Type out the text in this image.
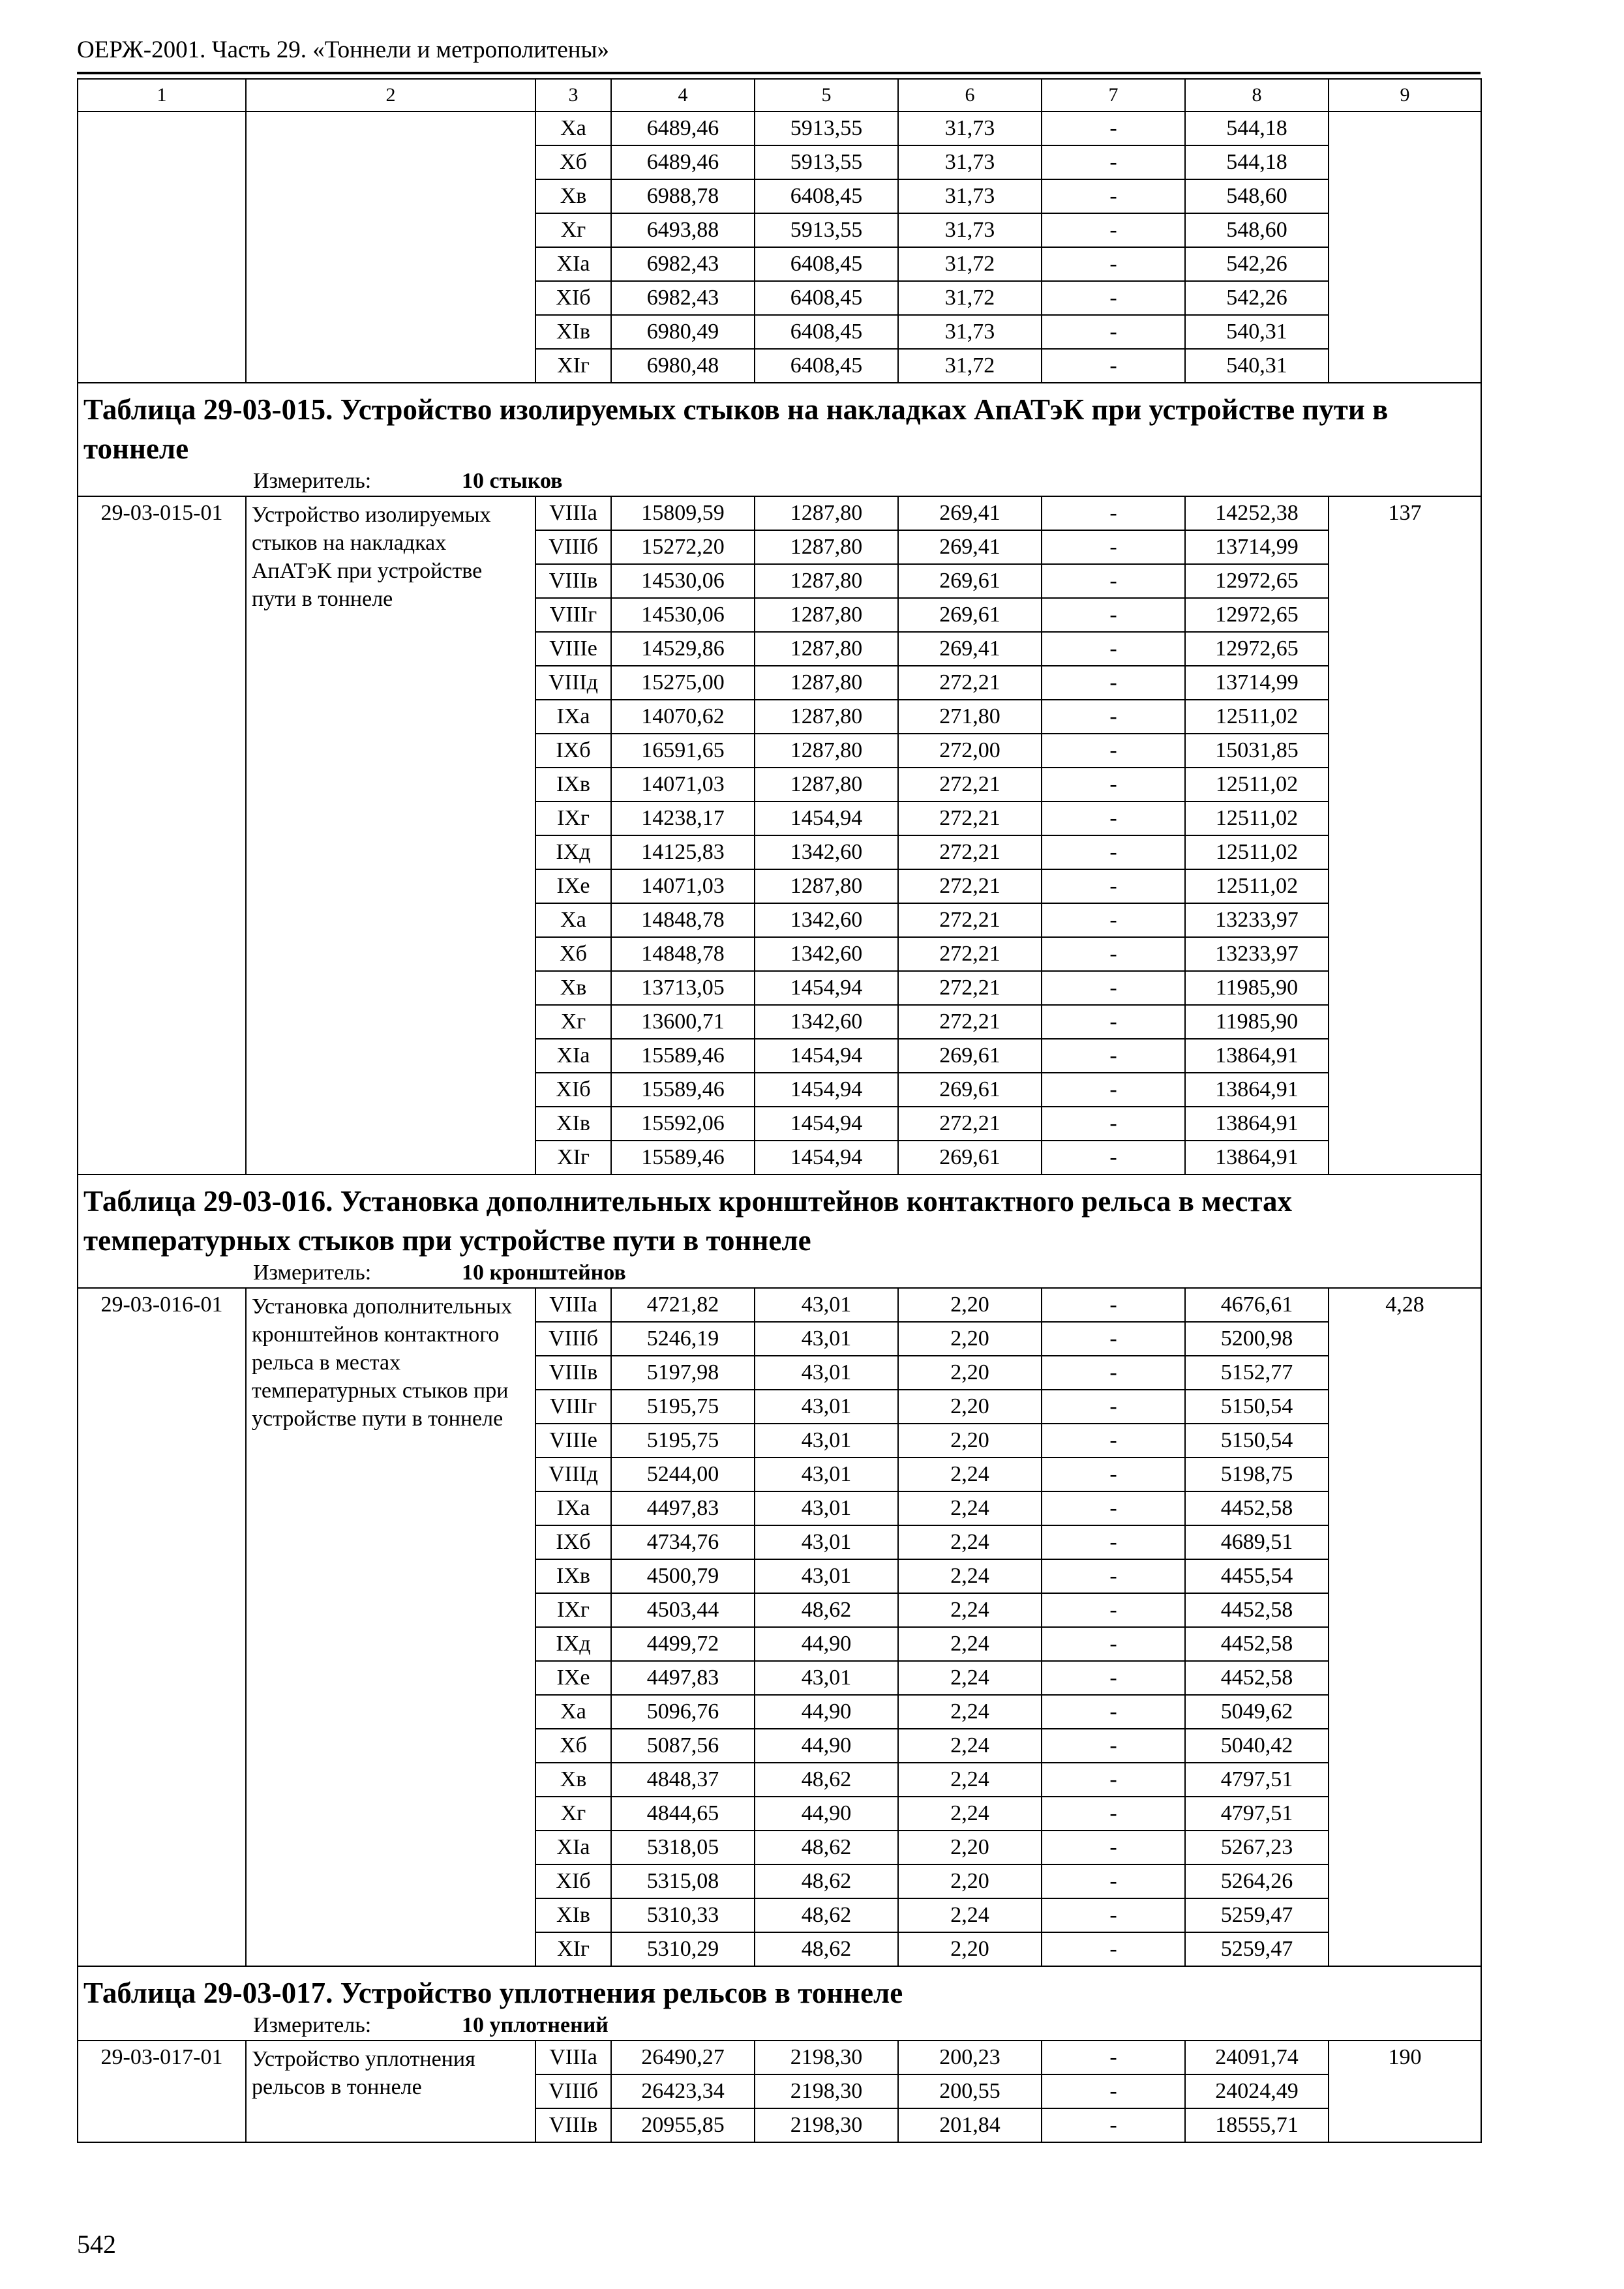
ОЕРЖ-2001. Часть 29. «Тоннели и метрополитены»
1	2	3	4	5	6	7	8	9
		Ха	6489,46	5913,55	31,73	-	544,18	
		Хб	6489,46	5913,55	31,73	-	544,18	
		Хв	6988,78	6408,45	31,73	-	548,60	
		Хг	6493,88	5913,55	31,73	-	548,60	
		XIa	6982,43	6408,45	31,72	-	542,26	
		XIб	6982,43	6408,45	31,72	-	542,26	
		XIв	6980,49	6408,45	31,73	-	540,31	
		XIг	6980,48	6408,45	31,72	-	540,31	

Таблица 29-03-015. Устройство изолируемых стыков на накладках АпАТэК при устройстве пути в тоннеле
Измеритель: 10 стыков								

29-03-015-01	Устройство изолируемых стыков на накладках АпАТэК при устройстве пути в тоннеле	VIIIa	15809,59	1287,80	269,41	-	14252,38	137
		VIIIб	15272,20	1287,80	269,41	-	13714,99	
		VIIIв	14530,06	1287,80	269,61	-	12972,65	
		VIIIг	14530,06	1287,80	269,61	-	12972,65	
		VIIIе	14529,86	1287,80	269,41	-	12972,65	
		VIIIд	15275,00	1287,80	272,21	-	13714,99	
		IXa	14070,62	1287,80	271,80	-	12511,02	
		IXб	16591,65	1287,80	272,00	-	15031,85	
		IXв	14071,03	1287,80	272,21	-	12511,02	
		IXг	14238,17	1454,94	272,21	-	12511,02	
		IXд	14125,83	1342,60	272,21	-	12511,02	
		IXе	14071,03	1287,80	272,21	-	12511,02	
		Ха	14848,78	1342,60	272,21	-	13233,97	
		Хб	14848,78	1342,60	272,21	-	13233,97	
		Хв	13713,05	1454,94	272,21	-	11985,90	
		Хг	13600,71	1342,60	272,21	-	11985,90	
		XIa	15589,46	1454,94	269,61	-	13864,91	
		XIб	15589,46	1454,94	269,61	-	13864,91	
		XIв	15592,06	1454,94	272,21	-	13864,91	
		XIг	15589,46	1454,94	269,61	-	13864,91	

Таблица 29-03-016. Установка дополнительных кронштейнов контактного рельса в местах температурных стыков при устройстве пути в тоннеле
Измеритель: 10 кронштейнов								

29-03-016-01	Установка дополнительных кронштейнов контактного рельса в местах температурных стыков при устройстве пути в тоннеле	VIIIa	4721,82	43,01	2,20	-	4676,61	4,28
		VIIIб	5246,19	43,01	2,20	-	5200,98	
		VIIIв	5197,98	43,01	2,20	-	5152,77	
		VIIIг	5195,75	43,01	2,20	-	5150,54	
		VIIIе	5195,75	43,01	2,20	-	5150,54	
		VIIIд	5244,00	43,01	2,24	-	5198,75	
		IXa	4497,83	43,01	2,24	-	4452,58	
		IXб	4734,76	43,01	2,24	-	4689,51	
		IXв	4500,79	43,01	2,24	-	4455,54	
		IXг	4503,44	48,62	2,24	-	4452,58	
		IXд	4499,72	44,90	2,24	-	4452,58	
		IXе	4497,83	43,01	2,24	-	4452,58	
		Ха	5096,76	44,90	2,24	-	5049,62	
		Хб	5087,56	44,90	2,24	-	5040,42	
		Хв	4848,37	48,62	2,24	-	4797,51	
		Хг	4844,65	44,90	2,24	-	4797,51	
		XIa	5318,05	48,62	2,20	-	5267,23	
		XIб	5315,08	48,62	2,20	-	5264,26	
		XIв	5310,33	48,62	2,24	-	5259,47	
		XIг	5310,29	48,62	2,20	-	5259,47	

Таблица 29-03-017. Устройство уплотнения рельсов в тоннеле
Измеритель: 10 уплотнений								

29-03-017-01	Устройство уплотнения рельсов в тоннеле	VIIIa	26490,27	2198,30	200,23	-	24091,74	190
		VIIIб	26423,34	2198,30	200,55	-	24024,49	
		VIIIв	20955,85	2198,30	201,84	-	18555,71	
542
